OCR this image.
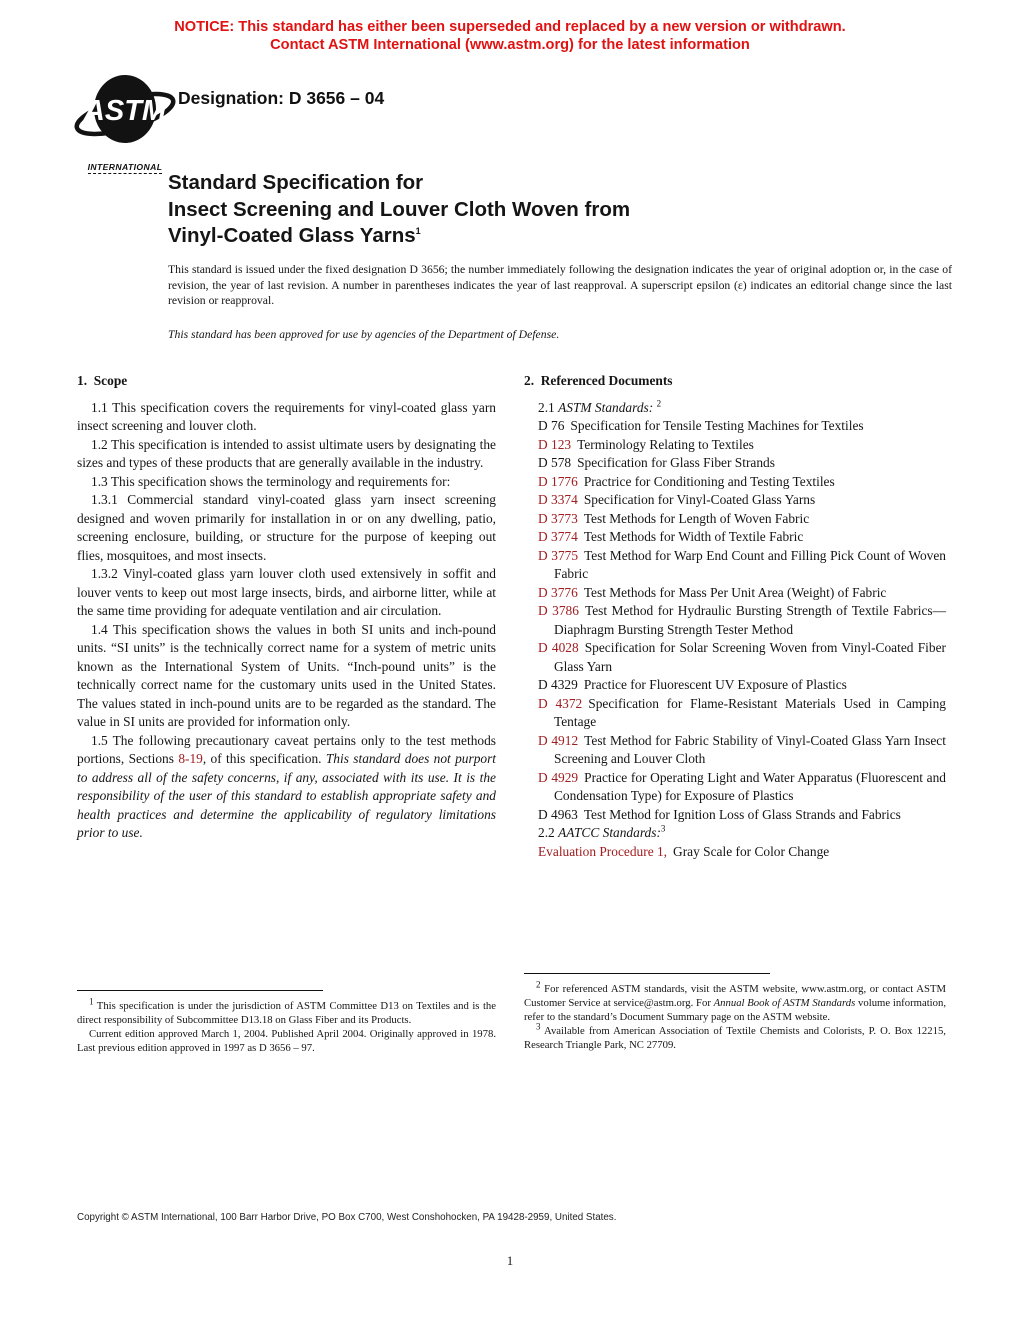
NOTICE: This standard has either been superseded and replaced by a new version or withdrawn.
Contact ASTM International (www.astm.org) for the latest information
ASTM
INTERNATIONAL
Designation: D 3656 – 04
Standard Specification for
Insect Screening and Louver Cloth Woven from
Vinyl-Coated Glass Yarns$^1$
This standard is issued under the fixed designation D 3656; the number immediately following the designation indicates the year of original adoption or, in the case of revision, the year of last revision. A number in parentheses indicates the year of last reapproval. A superscript epsilon (ε) indicates an editorial change since the last revision or reapproval.
This standard has been approved for use by agencies of the Department of Defense.

1. Scope

1.1 This specification covers the requirements for vinyl-coated glass yarn insect screening and louver cloth.

1.2 This specification is intended to assist ultimate users by designating the sizes and types of these products that are generally available in the industry.

1.3 This specification shows the terminology and requirements for:

1.3.1 Commercial standard vinyl-coated glass yarn insect screening designed and woven primarily for installation in or on any dwelling, patio, screening enclosure, building, or structure for the purpose of keeping out flies, mosquitoes, and most insects.

1.3.2 Vinyl-coated glass yarn louver cloth used extensively in soffit and louver vents to keep out most large insects, birds, and airborne litter, while at the same time providing for adequate ventilation and air circulation.

1.4 This specification shows the values in both SI units and inch-pound units. “SI units” is the technically correct name for a system of metric units known as the International System of Units. “Inch-pound units” is the technically correct name for the customary units used in the United States. The values stated in inch-pound units are to be regarded as the standard. The value in SI units are provided for information only.

1.5 The following precautionary caveat pertains only to the test methods portions, Sections 8-19, of this specification. This standard does not purport to address all of the safety concerns, if any, associated with its use. It is the responsibility of the user of this standard to establish appropriate safety and health practices and determine the applicability of regulatory limitations prior to use.

2. Referenced Documents

2.1 ASTM Standards: $^2$

D 76 Specification for Tensile Testing Machines for Textiles

D 123 Terminology Relating to Textiles

D 578 Specification for Glass Fiber Strands

D 1776 Practrice for Conditioning and Testing Textiles

D 3374 Specification for Vinyl-Coated Glass Yarns

D 3773 Test Methods for Length of Woven Fabric

D 3774 Test Methods for Width of Textile Fabric

D 3775 Test Method for Warp End Count and Filling Pick Count of Woven Fabric

D 3776 Test Methods for Mass Per Unit Area (Weight) of Fabric

D 3786 Test Method for Hydraulic Bursting Strength of Textile Fabrics—Diaphragm Bursting Strength Tester Method

D 4028 Specification for Solar Screening Woven from Vinyl-Coated Fiber Glass Yarn

D 4329 Practice for Fluorescent UV Exposure of Plastics

D 4372 Specification for Flame-Resistant Materials Used in Camping Tentage

D 4912 Test Method for Fabric Stability of Vinyl-Coated Glass Yarn Insect Screening and Louver Cloth

D 4929 Practice for Operating Light and Water Apparatus (Fluorescent and Condensation Type) for Exposure of Plastics

D 4963 Test Method for Ignition Loss of Glass Strands and Fabrics

2.2 AATCC Standards:$^3$

Evaluation Procedure 1, Gray Scale for Color Change

$^1$ This specification is under the jurisdiction of ASTM Committee D13 on Textiles and is the direct responsibility of Subcommittee D13.18 on Glass Fiber and its Products.

Current edition approved March 1, 2004. Published April 2004. Originally approved in 1978. Last previous edition approved in 1997 as D 3656 – 97.

$^2$ For referenced ASTM standards, visit the ASTM website, www.astm.org, or contact ASTM Customer Service at service@astm.org. For Annual Book of ASTM Standards volume information, refer to the standard’s Document Summary page on the ASTM website.

$^3$ Available from American Association of Textile Chemists and Colorists, P. O. Box 12215, Research Triangle Park, NC 27709.

Copyright © ASTM International, 100 Barr Harbor Drive, PO Box C700, West Conshohocken, PA 19428-2959, United States.
1
